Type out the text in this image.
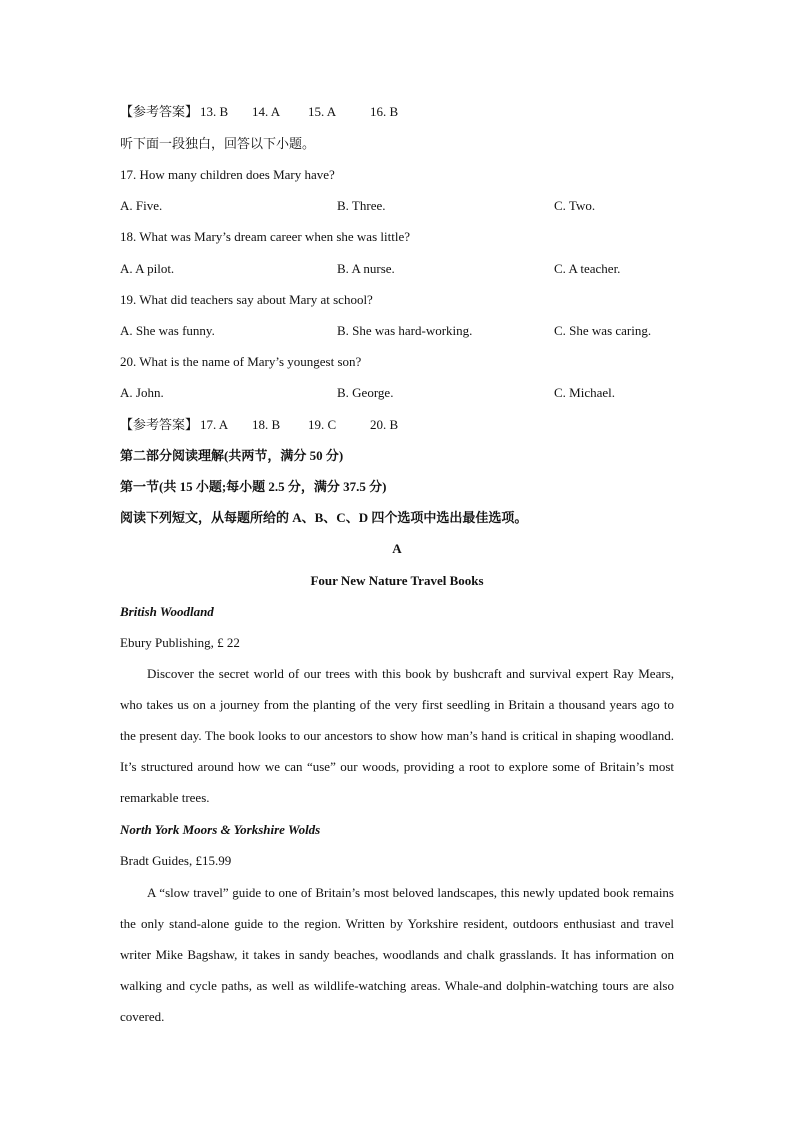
【参考答案】 13. B 14. A 15. A	16. B
听下面一段独白，回答以下小题。
17. How many children does Mary have?
A. Five.	B. Three.	C. Two.
18. What was Mary’s dream career when she was little?
A. A pilot.	B. A nurse.	C. A teacher.
19. What did teachers say about Mary at school?
A. She was funny.	B. She was hard-working.	C. She was caring.
20. What is the name of Mary’s youngest son?
A. John.	B. George.	C. Michael.
【参考答案】 17. A 18. B 19. C	20. B
第二部分阅读理解(共两节，满分 50 分)
第一节(共 15 小题;每小题 2.5 分，满分 37.5 分)
阅读下列短文，从每题所给的 A、B、C、D 四个选项中选出最佳选项。
A
Four New Nature Travel Books
British Woodland
Ebury Publishing, £ 22
Discover the secret world of our trees with this book by bushcraft and survival expert Ray Mears, who takes us on a journey from the planting of the very first seedling in Britain a thousand years ago to the present day. The book looks to our ancestors to show how man’s hand is critical in shaping woodland. It’s structured around how we can “use” our woods, providing a root to explore some of Britain’s most remarkable trees.
North York Moors & Yorkshire Wolds
Bradt Guides, £15.99
A “slow travel” guide to one of Britain’s most beloved landscapes, this newly updated book remains the only stand-alone guide to the region. Written by Yorkshire resident, outdoors enthusiast and travel writer Mike Bagshaw, it takes in sandy beaches, woodlands and chalk grasslands. It has information on walking and cycle paths, as well as wildlife-watching areas. Whale-and dolphin-watching tours are also covered.
